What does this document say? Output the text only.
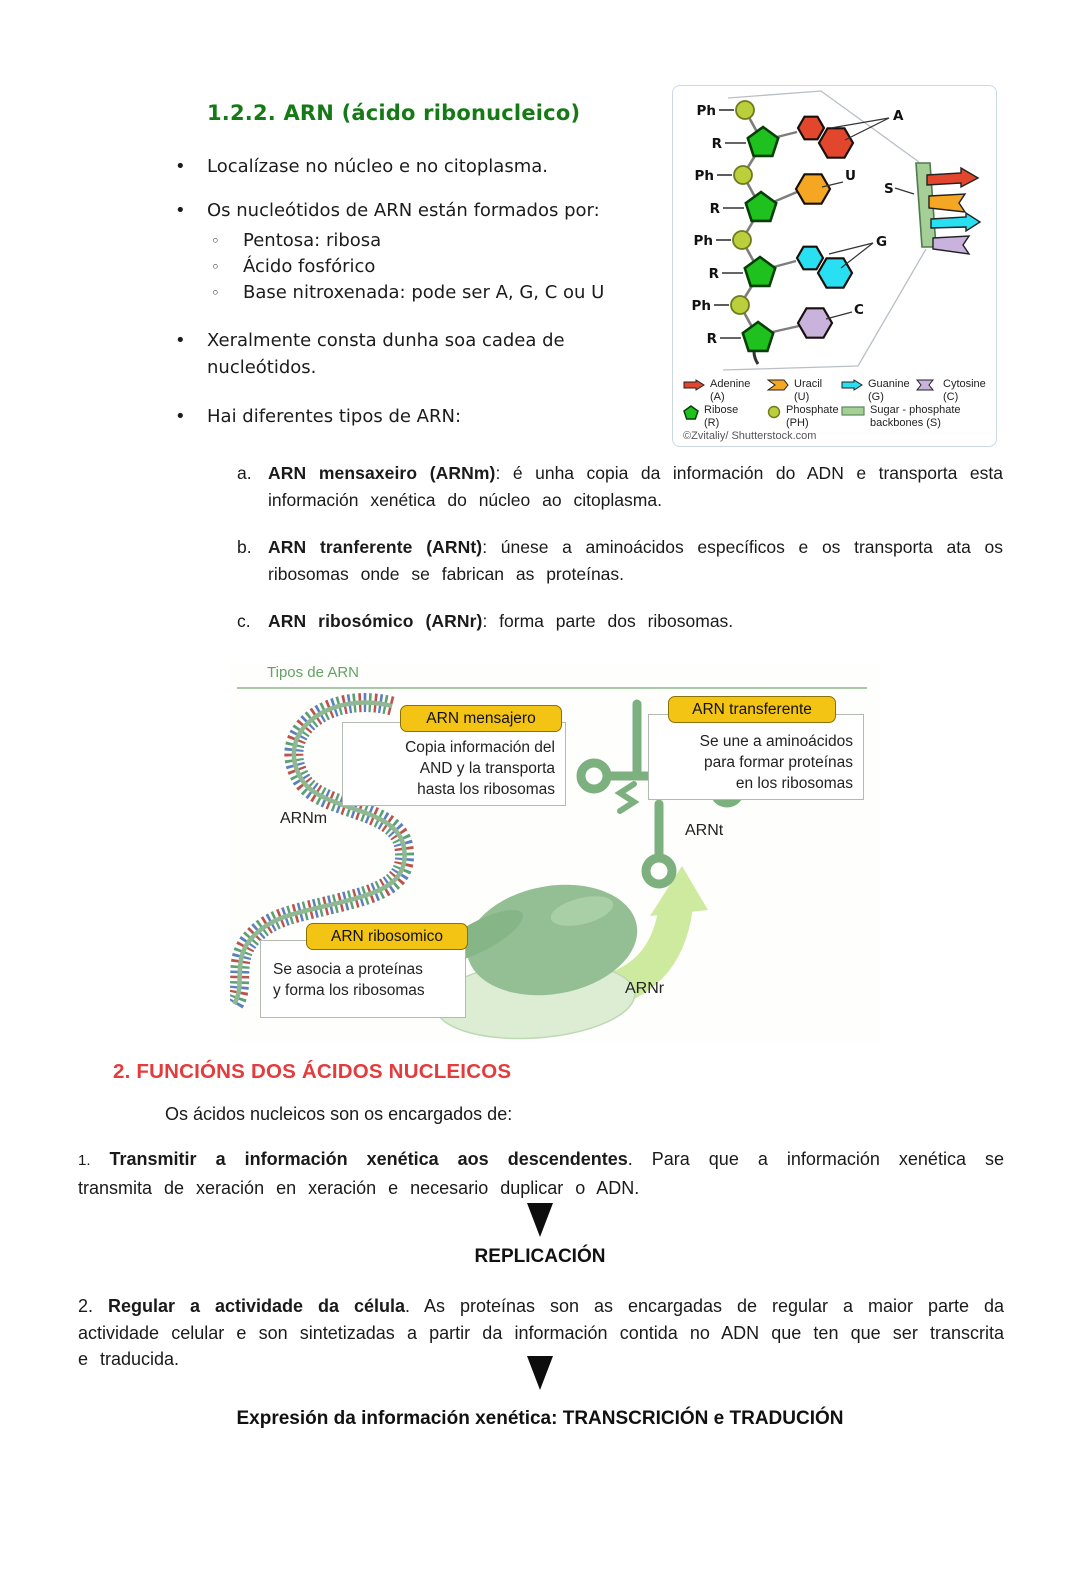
1.2.2. ARN (ácido ribonucleico)
• Localízase no núcleo e no citoplasma.
• Os nucleótidos de ARN están formados por:
◦ Pentosa: ribosa
◦ Ácido fosfórico
◦ Base nitroxenada: pode ser A, G, C ou U
• Xeralmente consta dunha soa cadea de nucleótidos.
• Hai diferentes tipos de ARN:
Ph
R
Ph
R
Ph
R
Ph
R
A
U
G
C
S
Adenine
(A)
Uracil
(U)
Guanine
(G)
Cytosine
(C)
Ribose
(R)
Phosphate
(PH)
Sugar - phosphate
backbones (S)
©Zvitaliy/ Shutterstock.com
a. ARN mensaxeiro (ARNm): é unha copia da información do ADN e transporta esta información xenética do núcleo ao citoplasma.
b. ARN tranferente (ARNt): únese a aminoácidos específicos e os transporta ata os ribosomas onde se fabrican as proteínas.
c. ARN ribosómico (ARNr): forma parte dos ribosomas.
Tipos de ARN
Copia información del
AND y la transporta
hasta los ribosomas
ARN mensajero
Se une a aminoácidos
para formar proteínas
en los ribosomas
ARN transferente
Se asocia a proteínas
y forma los ribosomas
ARN ribosomico
ARNm
ARNt
ARNr
2. FUNCIÓNS DOS ÁCIDOS NUCLEICOS
Os ácidos nucleicos son os encargados de:
1. Transmitir a información xenética aos descendentes. Para que a información xenética se transmita de xeración en xeración e necesario duplicar o ADN.
REPLICACIÓN
2. Regular a actividade da célula. As proteínas son as encargadas de regular a maior parte da actividade celular e son sintetizadas a partir da información contida no ADN que ten que ser transcrita e traducida.
Expresión da información xenética: TRANSCRICIÓN e TRADUCIÓN
